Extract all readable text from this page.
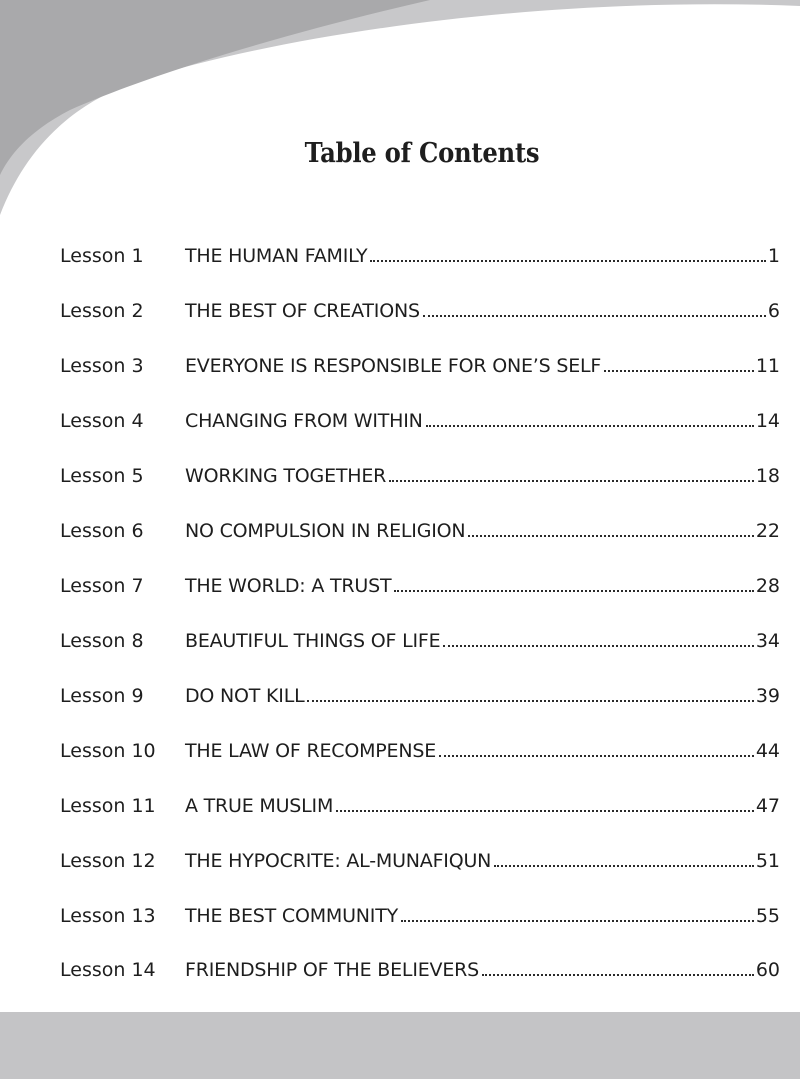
Table of Contents
Lesson 1	THE HUMAN FAMILY	1
Lesson 2	THE BEST OF CREATIONS	6
Lesson 3	EVERYONE IS RESPONSIBLE FOR ONE’S SELF	11
Lesson 4	CHANGING FROM WITHIN	14
Lesson 5	WORKING TOGETHER	18
Lesson 6	NO COMPULSION IN RELIGION	22
Lesson 7	THE WORLD: A TRUST	28
Lesson 8	BEAUTIFUL THINGS OF LIFE	34
Lesson 9	DO NOT KILL	39
Lesson 10	THE LAW OF RECOMPENSE	44
Lesson 11	A TRUE MUSLIM	47
Lesson 12	THE HYPOCRITE: AL-MUNAFIQUN	51
Lesson 13	THE BEST COMMUNITY	55
Lesson 14	FRIENDSHIP OF THE BELIEVERS	60
